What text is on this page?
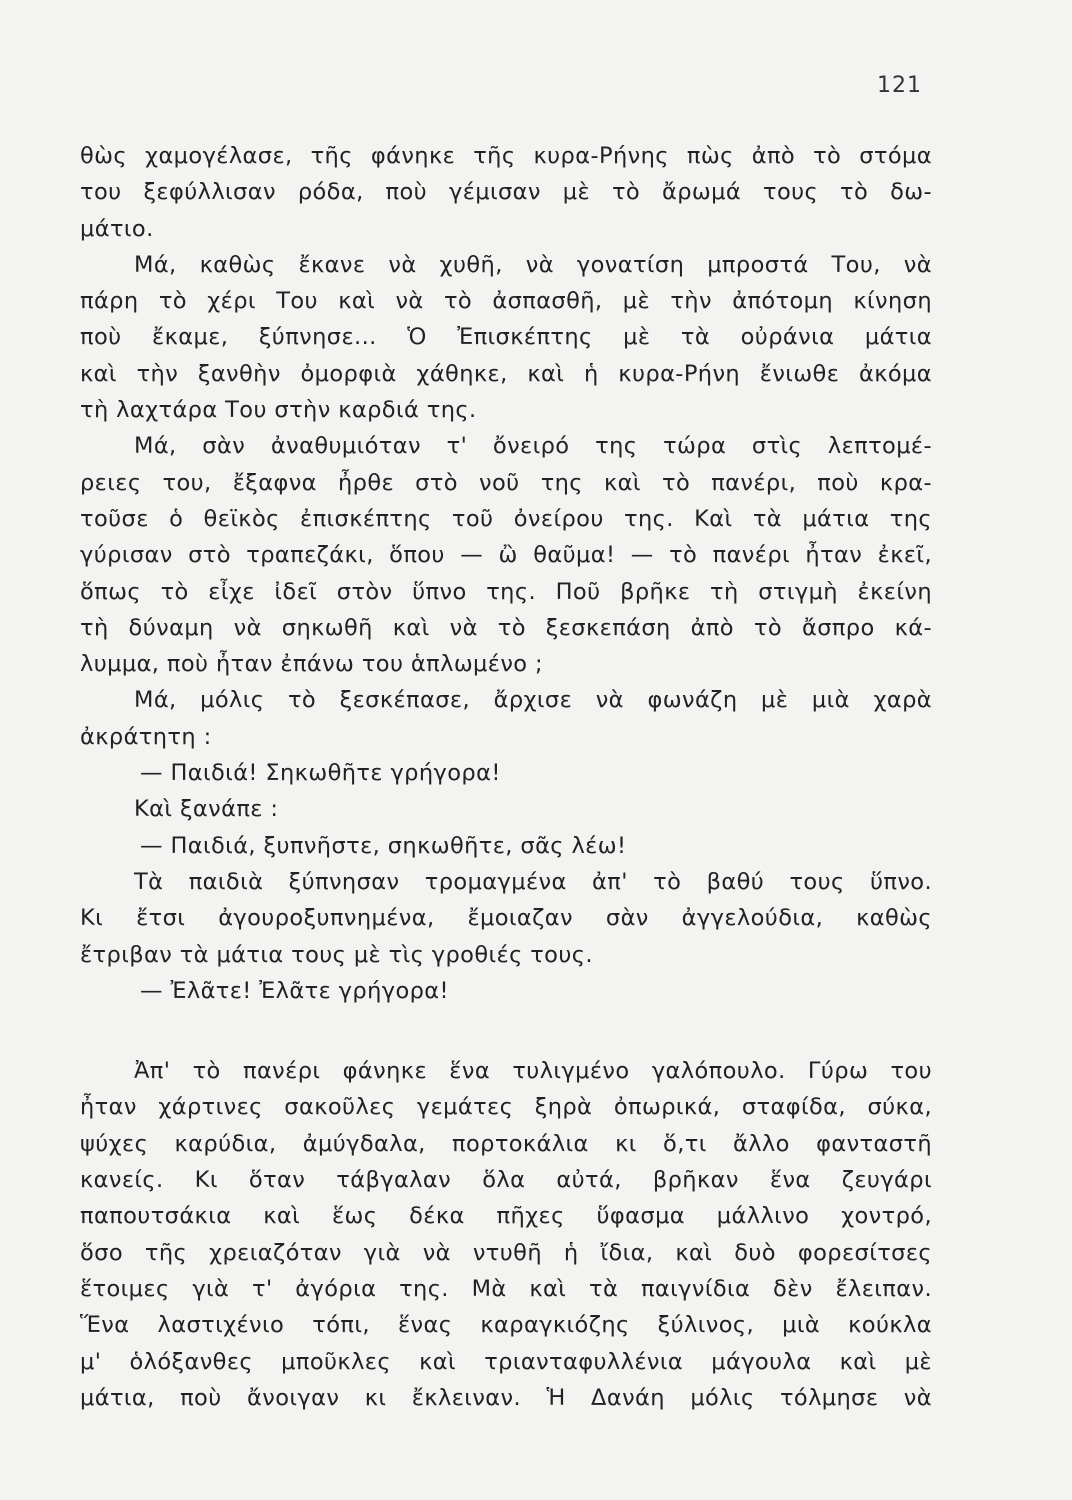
121
θὼς χαμογέλασε, τῆς φάνηκε τῆς κυρα-Ρήνης πὼς ἀπὸ τὸ στόμα
του ξεφύλλισαν ρόδα, ποὺ γέμισαν μὲ τὸ ἄρωμά τους τὸ δω-
μάτιο.
Μά, καθὼς ἔκανε νὰ χυθῆ, νὰ γονατίση μπροστά Του, νὰ
πάρη τὸ χέρι Του καὶ νὰ τὸ ἀσπασθῆ, μὲ τὴν ἀπότομη κίνηση
ποὺ ἔκαμε, ξύπνησε... Ὁ Ἐπισκέπτης μὲ τὰ οὐράνια μάτια
καὶ τὴν ξανθὴν ὀμορφιὰ χάθηκε, καὶ ἡ κυρα-Ρήνη ἔνιωθε ἀκόμα
τὴ λαχτάρα Του στὴν καρδιά της.
Μά, σὰν ἀναθυμιόταν τ' ὄνειρό της τώρα στὶς λεπτομέ-
ρειες του, ἔξαφνα ἦρθε στὸ νοῦ της καὶ τὸ πανέρι, ποὺ κρα-
τοῦσε ὁ θεϊκὸς ἐπισκέπτης τοῦ ὀνείρου της. Καὶ τὰ μάτια της
γύρισαν στὸ τραπεζάκι, ὅπου — ὢ θαῦμα! — τὸ πανέρι ἦταν ἐκεῖ,
ὅπως τὸ εἶχε ἰδεῖ στὸν ὕπνο της. Ποῦ βρῆκε τὴ στιγμὴ ἐκείνη
τὴ δύναμη νὰ σηκωθῆ καὶ νὰ τὸ ξεσκεπάση ἀπὸ τὸ ἄσπρο κά-
λυμμα, ποὺ ἦταν ἐπάνω του ἁπλωμένο ;
Μά, μόλις τὸ ξεσκέπασε, ἄρχισε νὰ φωνάζη μὲ μιὰ χαρὰ
ἀκράτητη :
— Παιδιά! Σηκωθῆτε γρήγορα!
Καὶ ξανάπε :
— Παιδιά, ξυπνῆστε, σηκωθῆτε, σᾶς λέω!
Τὰ παιδιὰ ξύπνησαν τρομαγμένα ἀπ' τὸ βαθύ τους ὕπνο.
Κι ἔτσι ἀγουροξυπνημένα, ἔμοιαζαν σὰν ἀγγελούδια, καθὼς
ἔτριβαν τὰ μάτια τους μὲ τὶς γροθιές τους.
— Ἐλᾶτε! Ἐλᾶτε γρήγορα!
Ἀπ' τὸ πανέρι φάνηκε ἕνα τυλιγμένο γαλόπουλο. Γύρω του
ἦταν χάρτινες σακοῦλες γεμάτες ξηρὰ ὀπωρικά, σταφίδα, σύκα,
ψύχες καρύδια, ἀμύγδαλα, πορτοκάλια κι ὅ,τι ἄλλο φανταστῆ
κανείς. Κι ὅταν τάβγαλαν ὅλα αὐτά, βρῆκαν ἕνα ζευγάρι
παπουτσάκια καὶ ἕως δέκα πῆχες ὕφασμα μάλλινο χοντρό,
ὅσο τῆς χρειαζόταν γιὰ νὰ ντυθῆ ἡ ἴδια, καὶ δυὸ φορεσίτσες
ἕτοιμες γιὰ τ' ἀγόρια της. Μὰ καὶ τὰ παιγνίδια δὲν ἔλειπαν.
Ἕνα λαστιχένιο τόπι, ἕνας καραγκιόζης ξύλινος, μιὰ κούκλα
μ' ὁλόξανθες μποῦκλες καὶ τριανταφυλλένια μάγουλα καὶ μὲ
μάτια, ποὺ ἄνοιγαν κι ἔκλειναν. Ἡ Δανάη μόλις τόλμησε νὰ
